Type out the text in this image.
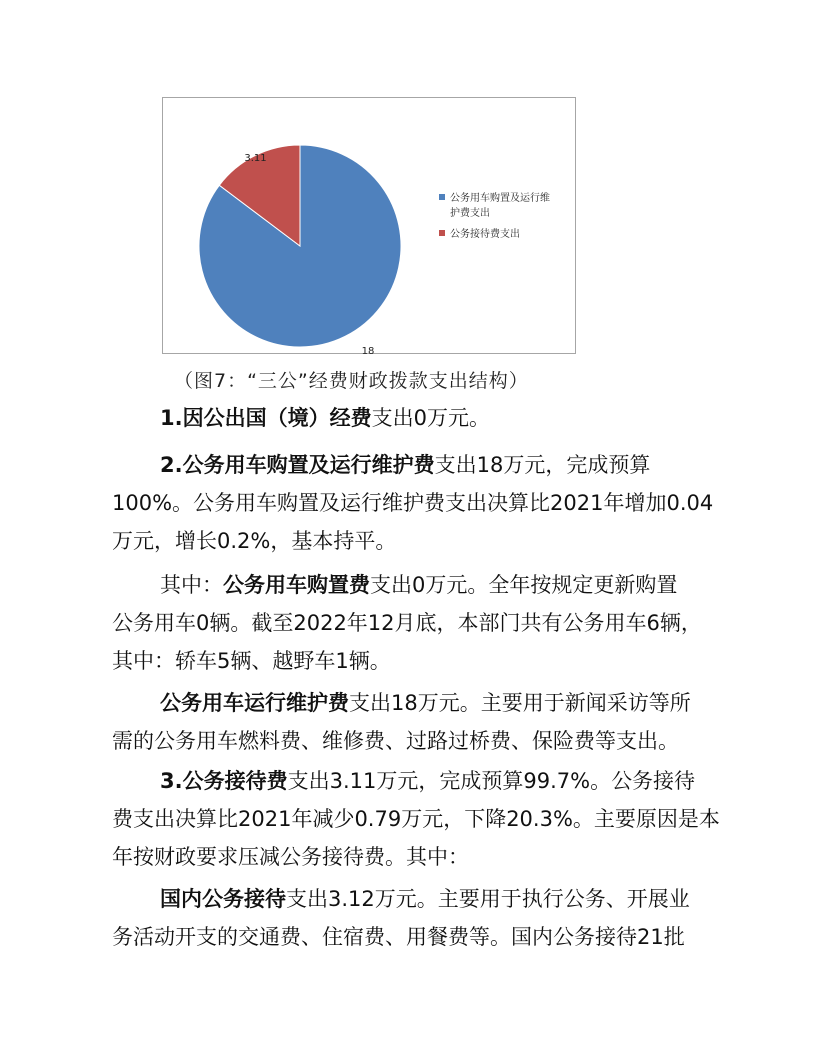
18
3.11
公务用车购置及运行维
护费支出
公务接待费支出
（图7：“三公”经费财政拨款支出结构）
1.因公出国（境）经费支出0万元。
2.公务用车购置及运行维护费支出18万元，完成预算
100%。公务用车购置及运行维护费支出决算比2021年增加0.04
万元，增长0.2%，基本持平。
其中：公务用车购置费支出0万元。全年按规定更新购置
公务用车0辆。截至2022年12月底，本部门共有公务用车6辆，
其中：轿车5辆、越野车1辆。
公务用车运行维护费支出18万元。主要用于新闻采访等所
需的公务用车燃料费、维修费、过路过桥费、保险费等支出。
3.公务接待费支出3.11万元，完成预算99.7%。公务接待
费支出决算比2021年减少0.79万元，下降20.3%。主要原因是本
年按财政要求压减公务接待费。其中：
国内公务接待支出3.12万元。主要用于执行公务、开展业
务活动开支的交通费、住宿费、用餐费等。国内公务接待21批
